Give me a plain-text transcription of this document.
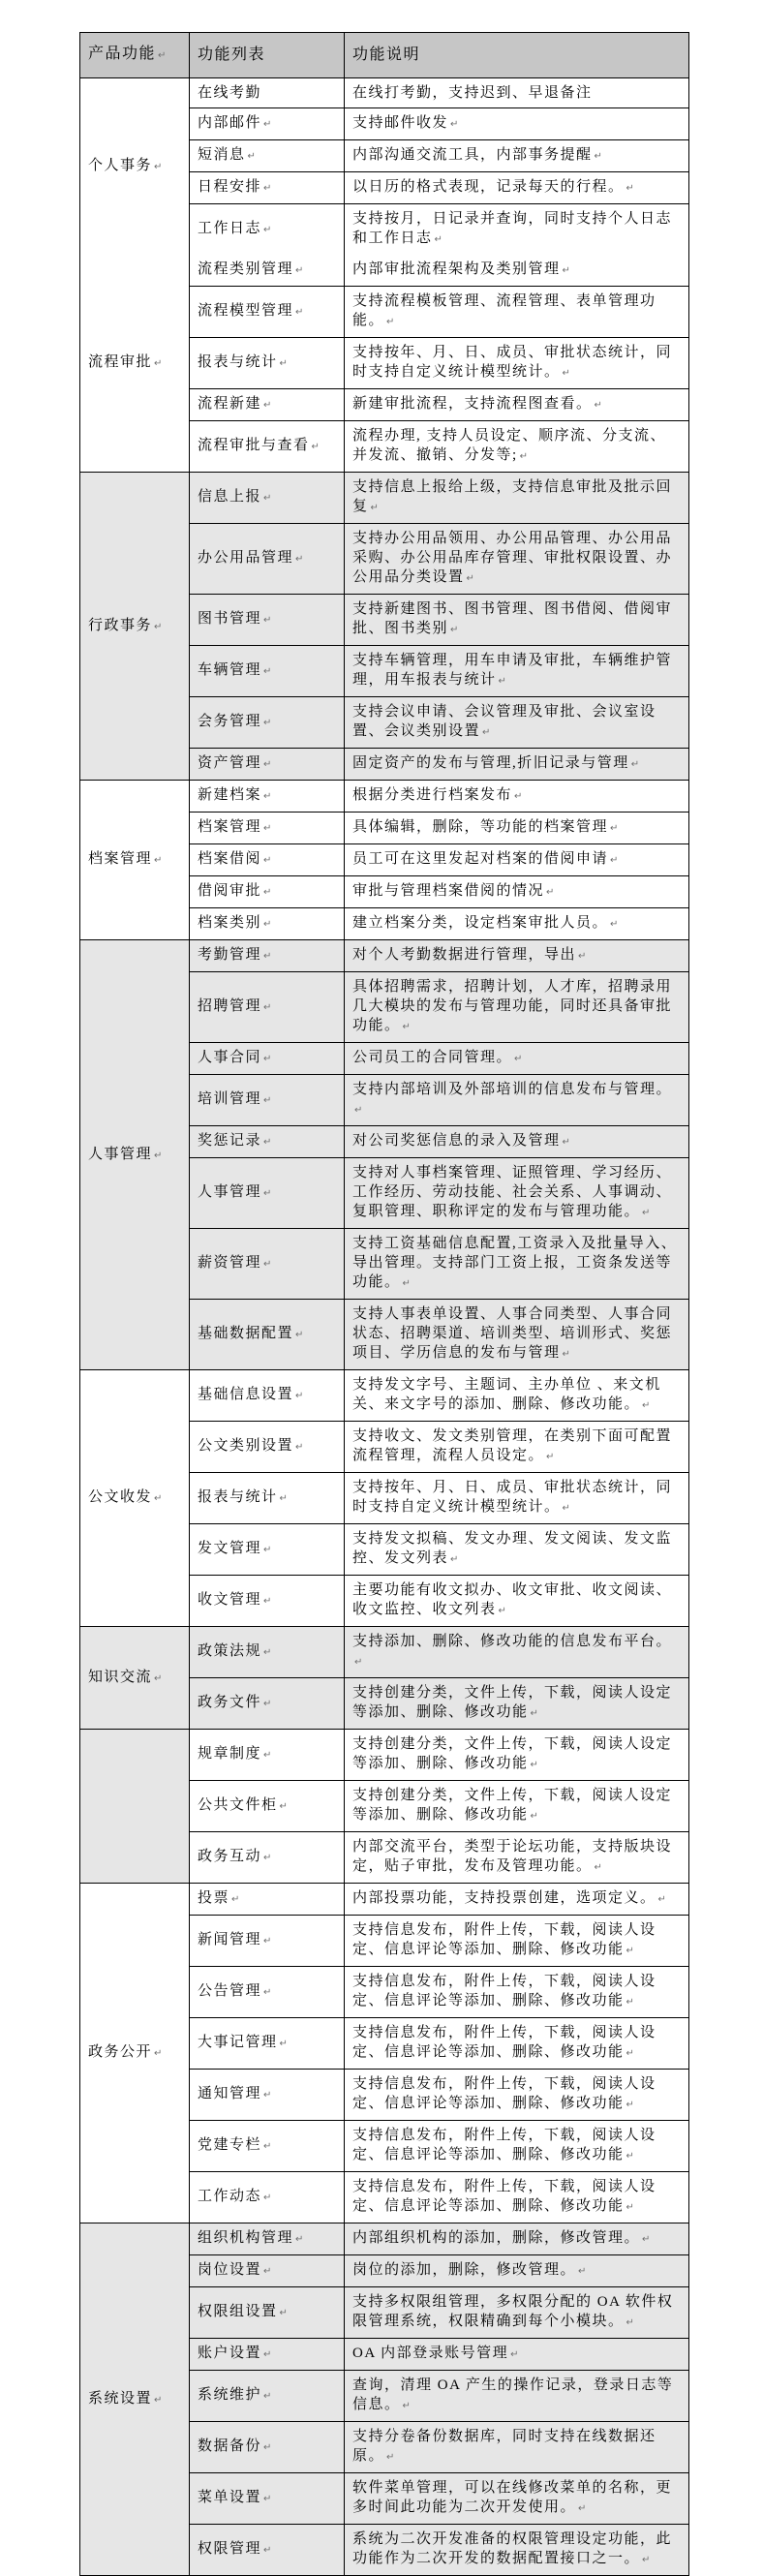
产品功能 ↵	功能列表	功能说明
个人事务 ↵	在线考勤	在线打考勤，支持迟到、早退备注
	内部邮件 ↵	支持邮件收发 ↵
	短消息 ↵	内部沟通交流工具，内部事务提醒 ↵
	日程安排 ↵	以日历的格式表现，记录每天的行程。 ↵
	工作日志 ↵	支持按月，日记录并查询，同时支持个人日志和工作日志 ↵
流程审批 ↵	流程类别管理 ↵	内部审批流程架构及类别管理 ↵
	流程模型管理 ↵	支持流程模板管理、流程管理、表单管理功能。 ↵
	报表与统计 ↵	支持按年、月、日、成员、审批状态统计，同时支持自定义统计模型统计。 ↵
	流程新建 ↵	新建审批流程，支持流程图查看。 ↵
	流程审批与查看 ↵	流程办理, 支持人员设定、顺序流、分支流、并发流、撤销、分发等; ↵
行政事务 ↵	信息上报 ↵	支持信息上报给上级，支持信息审批及批示回复 ↵
	办公用品管理 ↵	支持办公用品领用、办公用品管理、办公用品采购、办公用品库存管理、审批权限设置、办公用品分类设置 ↵
	图书管理 ↵	支持新建图书、图书管理、图书借阅、借阅审批、图书类别 ↵
	车辆管理 ↵	支持车辆管理，用车申请及审批，车辆维护管理，用车报表与统计 ↵
	会务管理 ↵	支持会议申请、会议管理及审批、会议室设置、会议类别设置 ↵
	资产管理 ↵	固定资产的发布与管理,折旧记录与管理 ↵
档案管理 ↵	新建档案 ↵	根据分类进行档案发布 ↵
	档案管理 ↵	具体编辑，删除，等功能的档案管理 ↵
	档案借阅 ↵	员工可在这里发起对档案的借阅申请 ↵
	借阅审批 ↵	审批与管理档案借阅的情况 ↵
	档案类别 ↵	建立档案分类，设定档案审批人员。 ↵
人事管理 ↵	考勤管理 ↵	对个人考勤数据进行管理，导出 ↵
	招聘管理 ↵	具体招聘需求，招聘计划，人才库，招聘录用几大模块的发布与管理功能，同时还具备审批功能。 ↵
	人事合同 ↵	公司员工的合同管理。 ↵
	培训管理 ↵	支持内部培训及外部培训的信息发布与管理。↵
	奖惩记录 ↵	对公司奖惩信息的录入及管理 ↵
	人事管理 ↵	支持对人事档案管理、证照管理、学习经历、工作经历、劳动技能、社会关系、人事调动、复职管理、职称评定的发布与管理功能。 ↵
	薪资管理 ↵	支持工资基础信息配置,工资录入及批量导入、导出管理。支持部门工资上报，工资条发送等功能。 ↵
	基础数据配置 ↵	支持人事表单设置、人事合同类型、人事合同状态、招聘渠道、培训类型、培训形式、奖惩项目、学历信息的发布与管理 ↵
公文收发 ↵	基础信息设置 ↵	支持发文字号、主题词、主办单位 、来文机关、来文字号的添加、删除、修改功能。 ↵
	公文类别设置 ↵	支持收文、发文类别管理，在类别下面可配置流程管理，流程人员设定。 ↵
	报表与统计 ↵	支持按年、月、日、成员、审批状态统计，同时支持自定义统计模型统计。 ↵
	发文管理 ↵	支持发文拟稿、发文办理、发文阅读、发文监控、发文列表 ↵
	收文管理 ↵	主要功能有收文拟办、收文审批、收文阅读、收文监控、收文列表 ↵
知识交流 ↵	政策法规 ↵	支持添加、删除、修改功能的信息发布平台。↵
	政务文件 ↵	支持创建分类，文件上传，下载，阅读人设定等添加、删除、修改功能 ↵
	规章制度 ↵	支持创建分类，文件上传，下载，阅读人设定等添加、删除、修改功能 ↵
	公共文件柜 ↵	支持创建分类，文件上传，下载，阅读人设定等添加、删除、修改功能 ↵
	政务互动 ↵	内部交流平台，类型于论坛功能，支持版块设定，贴子审批，发布及管理功能。 ↵
政务公开 ↵	投票 ↵	内部投票功能，支持投票创建，选项定义。 ↵
	新闻管理 ↵	支持信息发布，附件上传，下载，阅读人设定、信息评论等添加、删除、修改功能 ↵
	公告管理 ↵	支持信息发布，附件上传，下载，阅读人设定、信息评论等添加、删除、修改功能 ↵
	大事记管理 ↵	支持信息发布，附件上传，下载，阅读人设定、信息评论等添加、删除、修改功能 ↵
	通知管理 ↵	支持信息发布，附件上传，下载，阅读人设定、信息评论等添加、删除、修改功能 ↵
	党建专栏 ↵	支持信息发布，附件上传，下载，阅读人设定、信息评论等添加、删除、修改功能 ↵
	工作动态 ↵	支持信息发布，附件上传，下载，阅读人设定、信息评论等添加、删除、修改功能 ↵
系统设置 ↵	组织机构管理 ↵	内部组织机构的添加，删除，修改管理。 ↵
	岗位设置 ↵	岗位的添加，删除，修改管理。 ↵
	权限组设置 ↵	支持多权限组管理，多权限分配的 OA 软件权限管理系统，权限精确到每个小模块。 ↵
	账户设置 ↵	OA 内部登录账号管理 ↵
	系统维护 ↵	查询，清理 OA 产生的操作记录，登录日志等信息。 ↵
	数据备份 ↵	支持分卷备份数据库，同时支持在线数据还原。 ↵
	菜单设置 ↵	软件菜单管理，可以在线修改菜单的名称，更多时间此功能为二次开发使用。 ↵
	权限管理 ↵	系统为二次开发准备的权限管理设定功能，此功能作为二次开发的数据配置接口之一。 ↵
